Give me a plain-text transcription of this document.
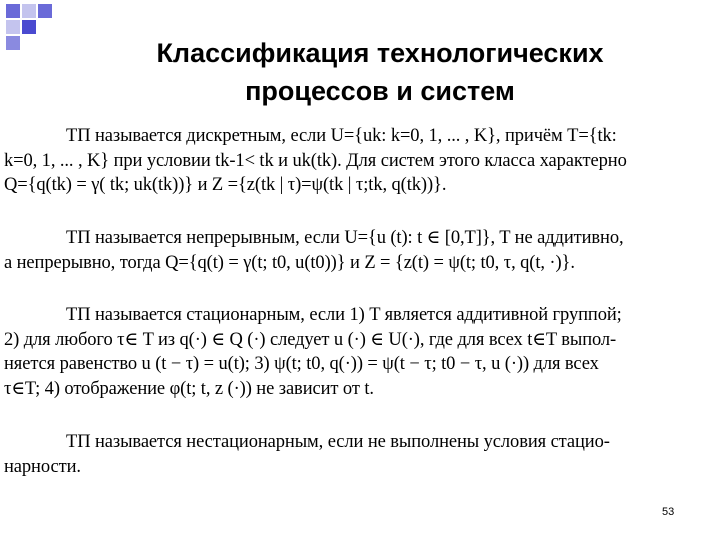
Классификация технологических
процессов и систем
ТП называется дискретным, если U={uk: k=0, 1, ... , K}, причём T={tk:
k=0, 1, ... , K} при условии tk-1< tk и uk(tk). Для систем этого класса характерно
Q={q(tk) = γ( tk; uk(tk))} и Z ={z(tk | τ)=ψ(tk | τ;tk, q(tk))}.
ТП называется непрерывным, если U={u (t): t ∈ [0,T]}, T не аддитивно,
а непрерывно, тогда Q={q(t) = γ(t; t0, u(t0))} и Z = {z(t) = ψ(t; t0, τ, q(t, ·)}.
ТП называется стационарным, если 1) T является аддитивной группой;
2) для любого τ∈ T из q(·) ∈ Q (·) следует u (·) ∈ U(·), где для всех t∈T выпол-
няется равенство u (t − τ) = u(t); 3) ψ(t; t0, q(·)) = ψ(t − τ; t0 − τ, u (·)) для всех
τ∈T; 4) отображение φ(t; t, z (·)) не зависит от t.
ТП называется нестационарным, если не выполнены условия стацио-
нарности.
53
